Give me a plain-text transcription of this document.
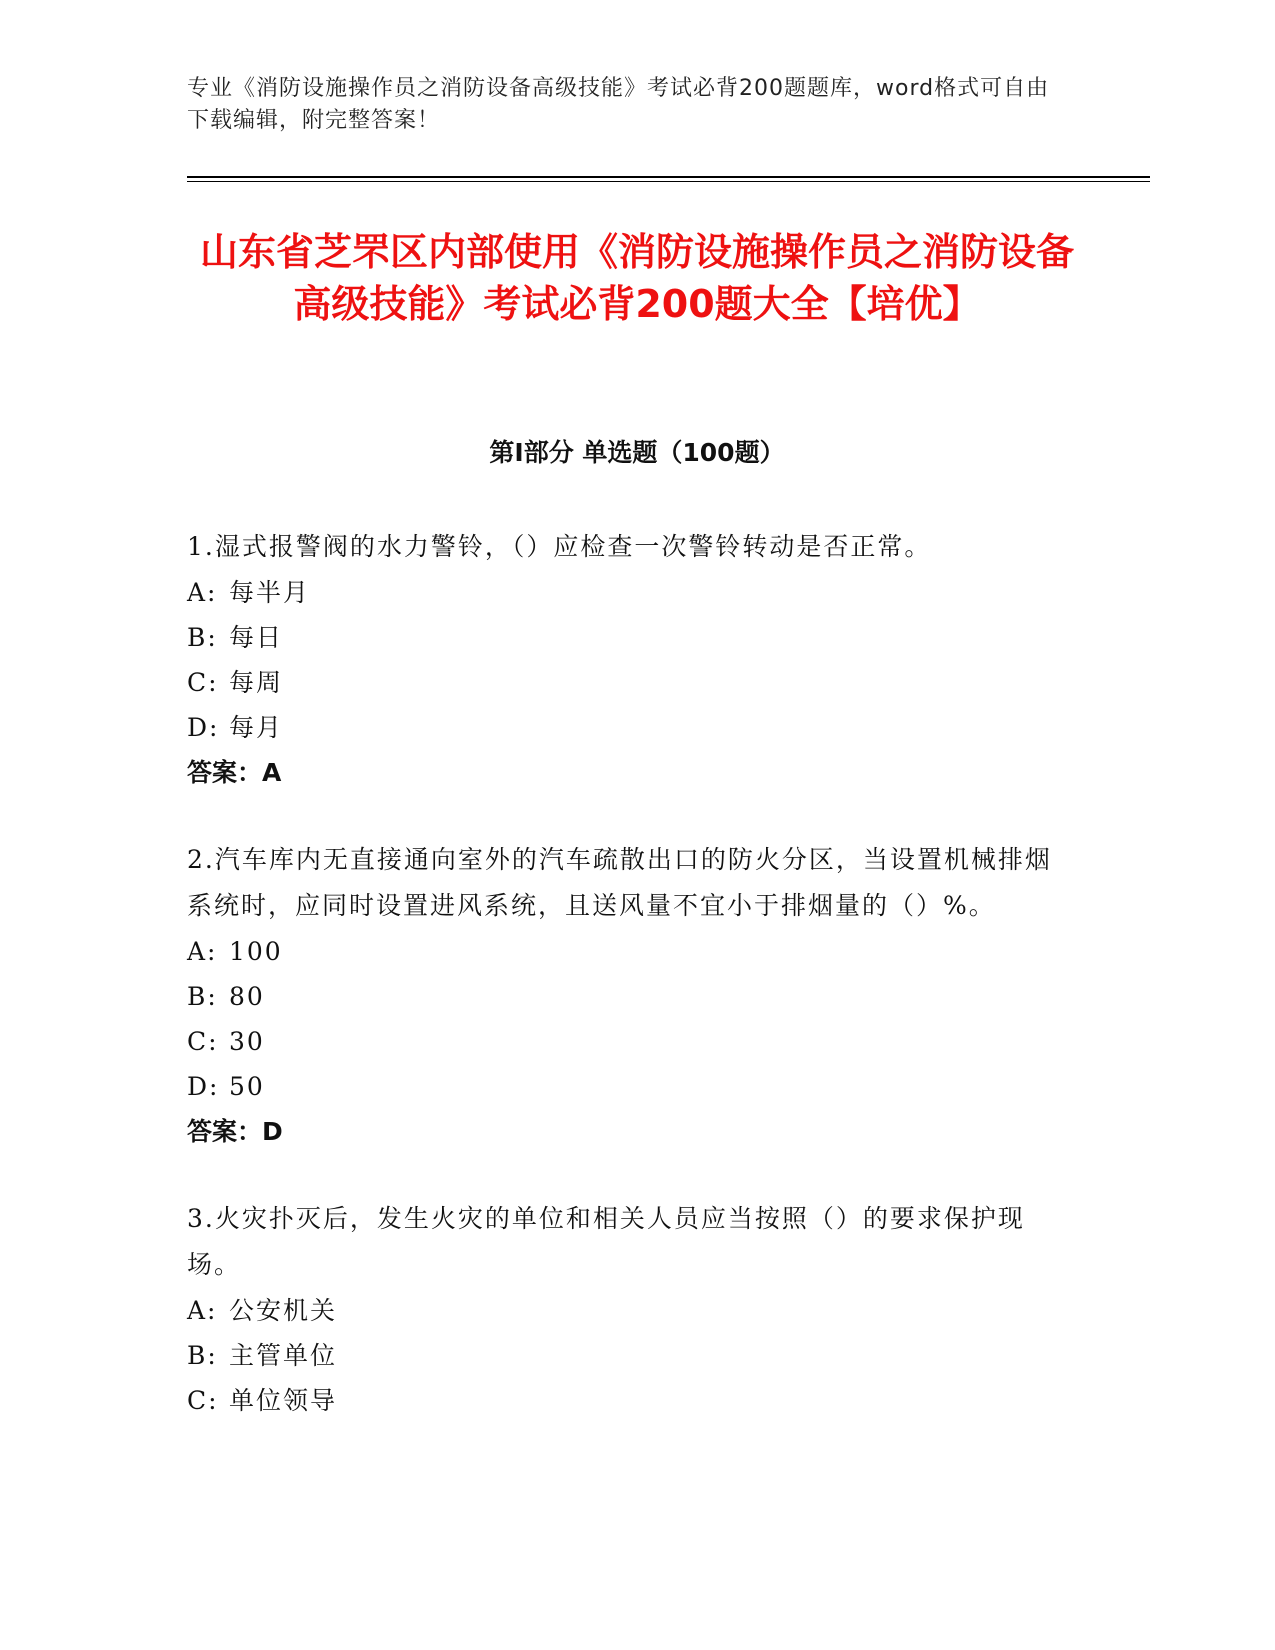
专业《消防设施操作员之消防设备高级技能》考试必背200题题库，word格式可自由下载编辑，附完整答案！
山东省芝罘区内部使用《消防设施操作员之消防设备高级技能》考试必背200题大全【培优】
第Ⅰ部分 单选题（100题）
1.湿式报警阀的水力警铃，（）应检查一次警铃转动是否正常。
A: 每半月
B: 每日
C: 每周
D: 每月
答案：A
2.汽车库内无直接通向室外的汽车疏散出口的防火分区，当设置机械排烟系统时，应同时设置进风系统，且送风量不宜小于排烟量的（）%。
A: 100
B: 80
C: 30
D: 50
答案：D
3.火灾扑灭后，发生火灾的单位和相关人员应当按照（）的要求保护现场。
A: 公安机关
B: 主管单位
C: 单位领导
